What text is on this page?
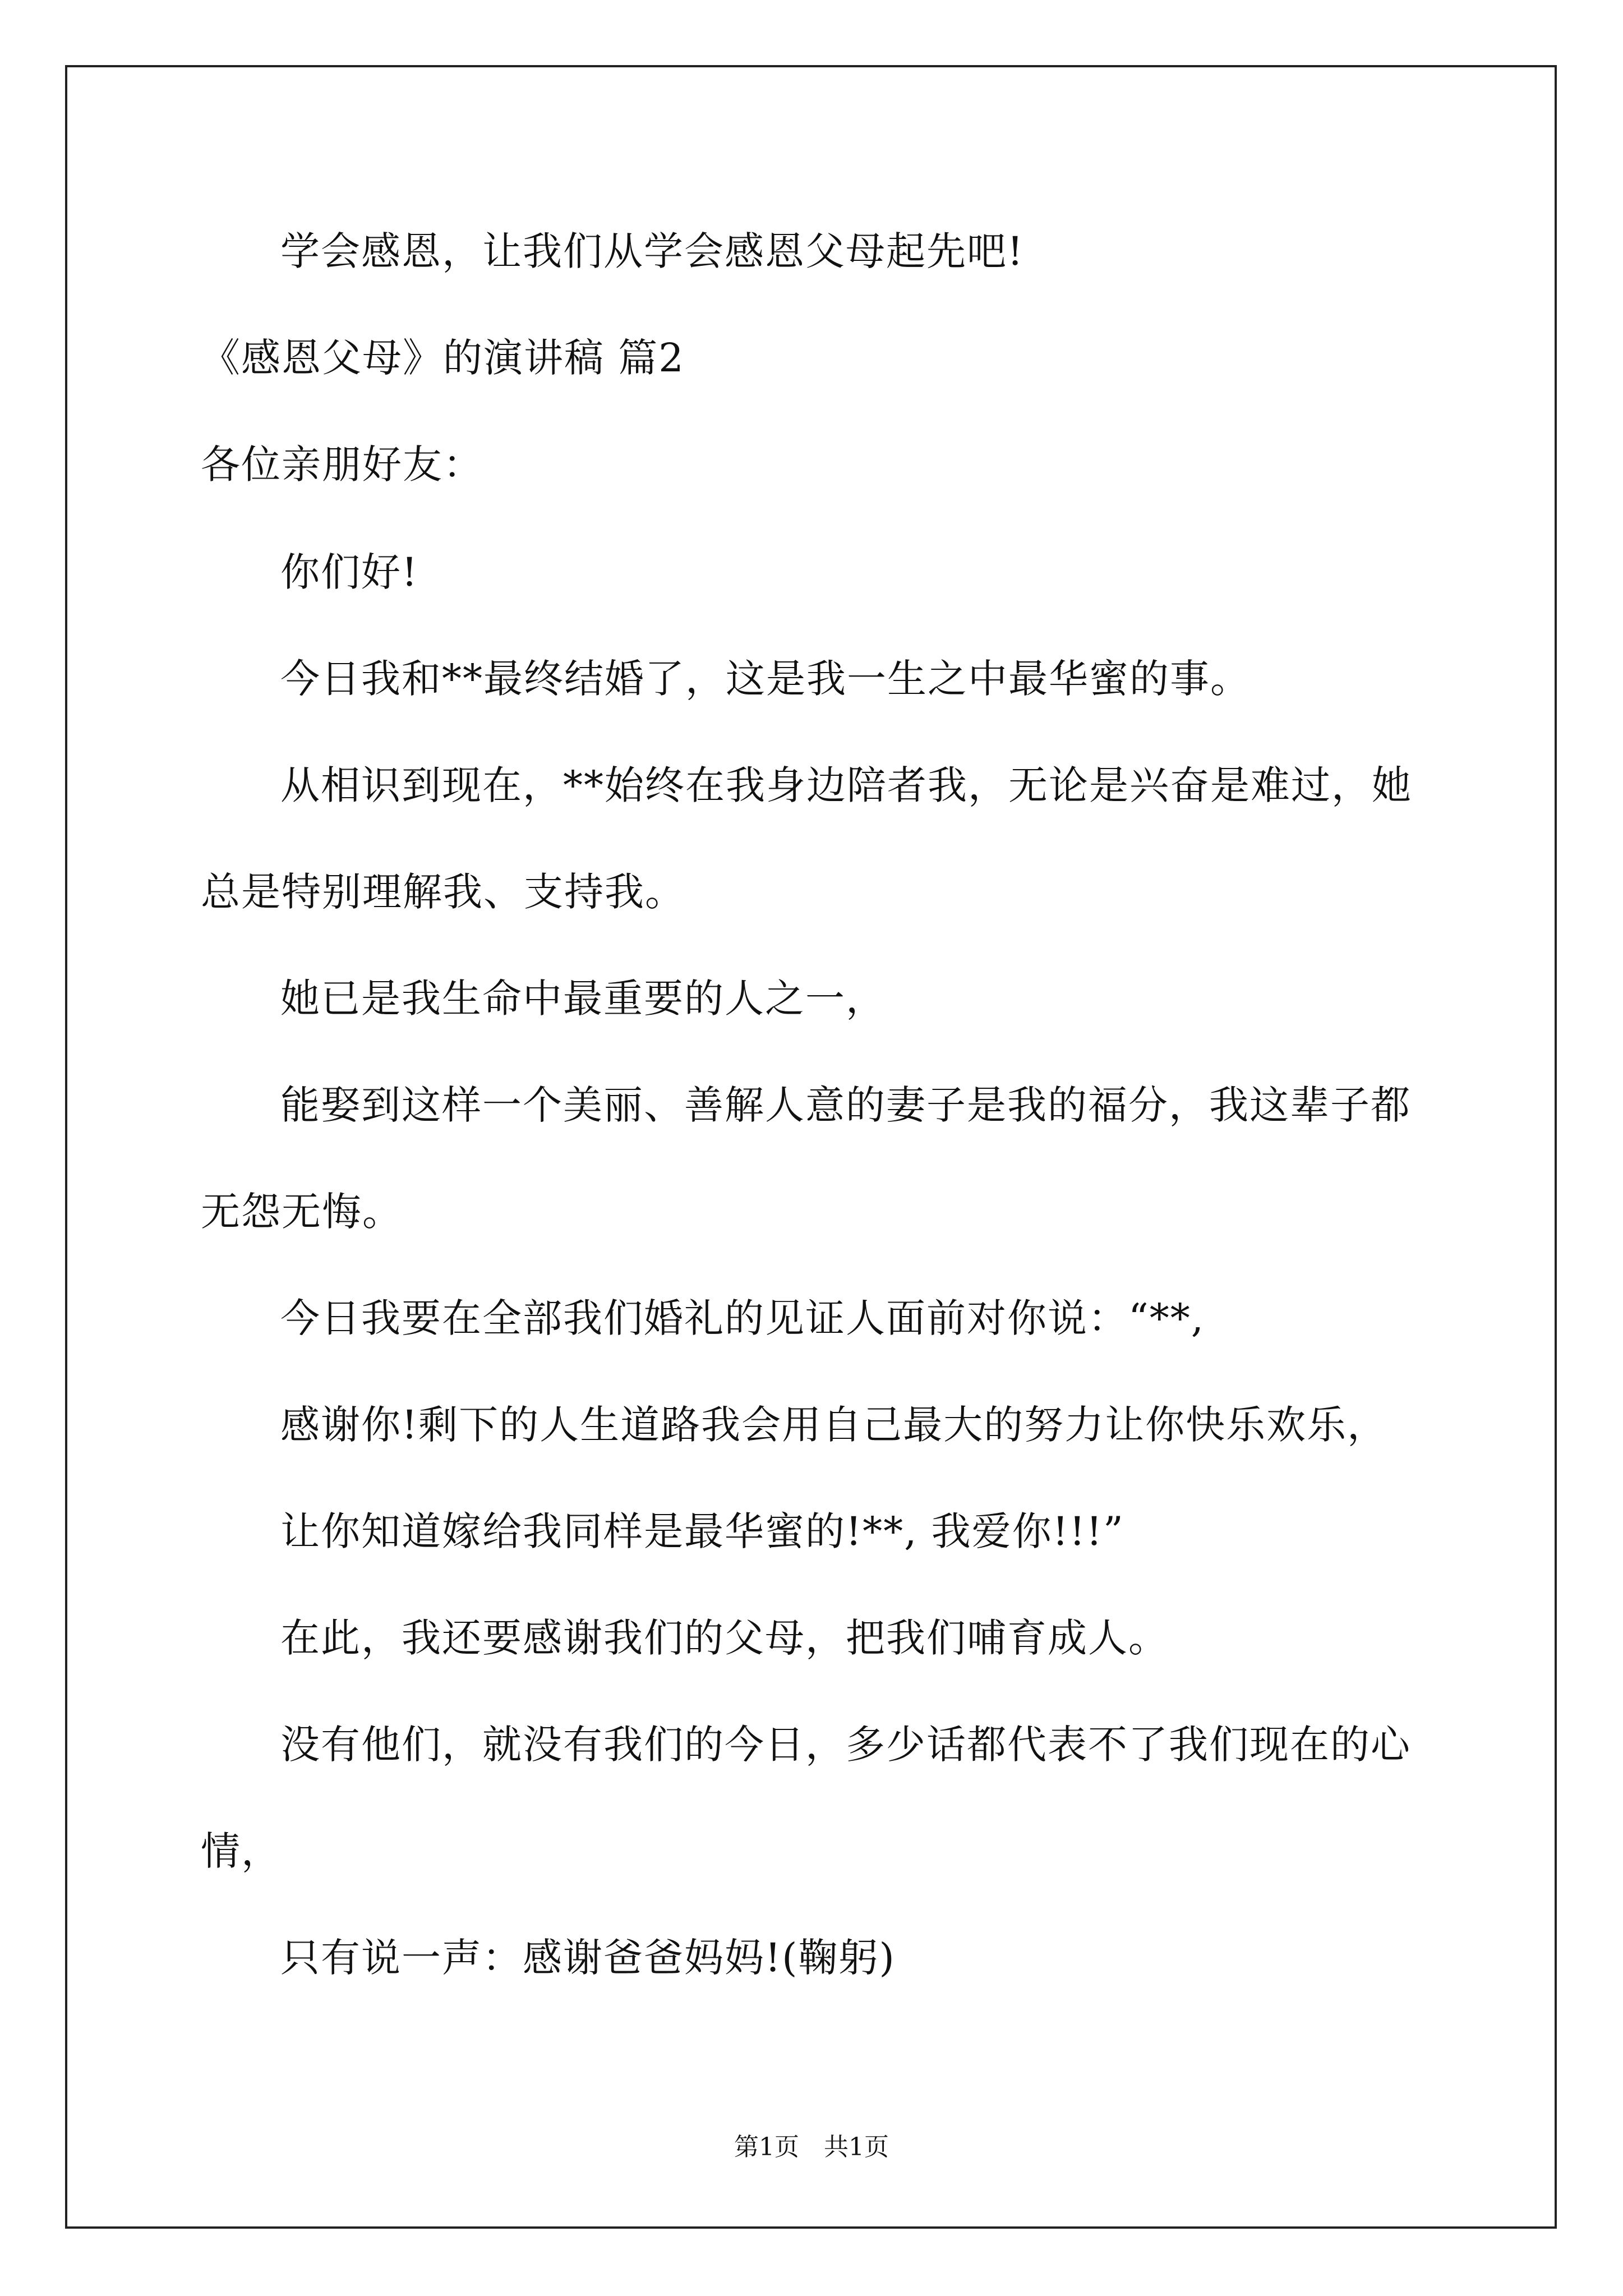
学会感恩，让我们从学会感恩父母起先吧!

《感恩父母》的演讲稿 篇2

各位亲朋好友：

你们好!

今日我和**最终结婚了，这是我一生之中最华蜜的事。

从相识到现在，**始终在我身边陪者我，无论是兴奋是难过，她

总是特别理解我、支持我。

她已是我生命中最重要的人之一，

能娶到这样一个美丽、善解人意的妻子是我的福分，我这辈子都

无怨无悔。

今日我要在全部我们婚礼的见证人面前对你说：“**,

感谢你!剩下的人生道路我会用自己最大的努力让你快乐欢乐，

让你知道嫁给我同样是最华蜜的!**, 我爱你!!!”

在此，我还要感谢我们的父母，把我们哺育成人。

没有他们，就没有我们的今日，多少话都代表不了我们现在的心

情，

只有说一声：感谢爸爸妈妈!(鞠躬)

第1页　共1页
